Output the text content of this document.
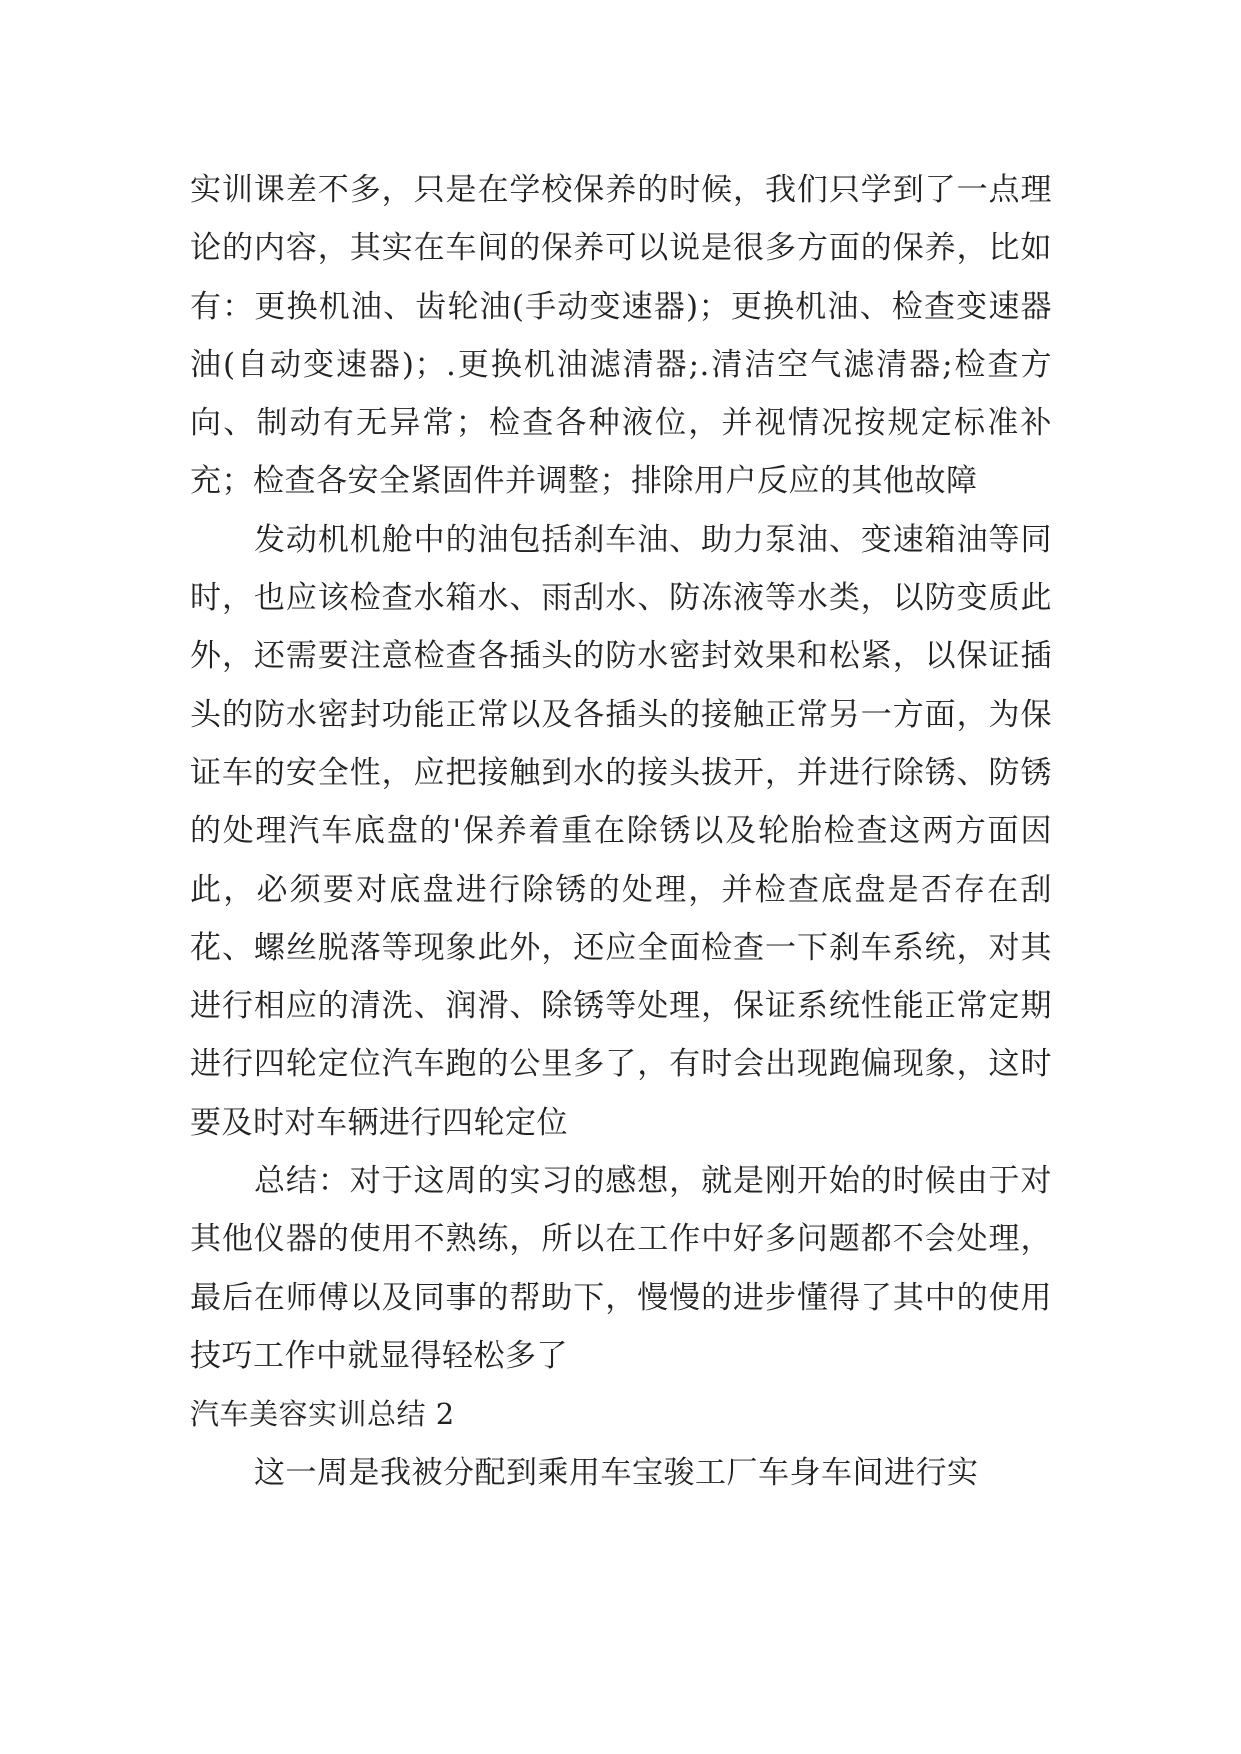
实训课差不多，只是在学校保养的时候，我们只学到了一点理论的内容，其实在车间的保养可以说是很多方面的保养，比如有：更换机油、齿轮油(手动变速器)；更换机油、检查变速器油(自动变速器)；.更换机油滤清器;.清洁空气滤清器;检查方向、制动有无异常；检查各种液位，并视情况按规定标准补充；检查各安全紧固件并调整；排除用户反应的其他故障

发动机机舱中的油包括刹车油、助力泵油、变速箱油等同时，也应该检查水箱水、雨刮水、防冻液等水类，以防变质此外，还需要注意检查各插头的防水密封效果和松紧，以保证插头的防水密封功能正常以及各插头的接触正常另一方面，为保证车的安全性，应把接触到水的接头拔开，并进行除锈、防锈的处理汽车底盘的'保养着重在除锈以及轮胎检查这两方面因此，必须要对底盘进行除锈的处理，并检查底盘是否存在刮花、螺丝脱落等现象此外，还应全面检查一下刹车系统，对其进行相应的清洗、润滑、除锈等处理，保证系统性能正常定期进行四轮定位汽车跑的公里多了，有时会出现跑偏现象，这时要及时对车辆进行四轮定位

总结：对于这周的实习的感想，就是刚开始的时候由于对其他仪器的使用不熟练，所以在工作中好多问题都不会处理，最后在师傅以及同事的帮助下，慢慢的进步懂得了其中的使用技巧工作中就显得轻松多了

汽车美容实训总结 2

这一周是我被分配到乘用车宝骏工厂车身车间进行实
